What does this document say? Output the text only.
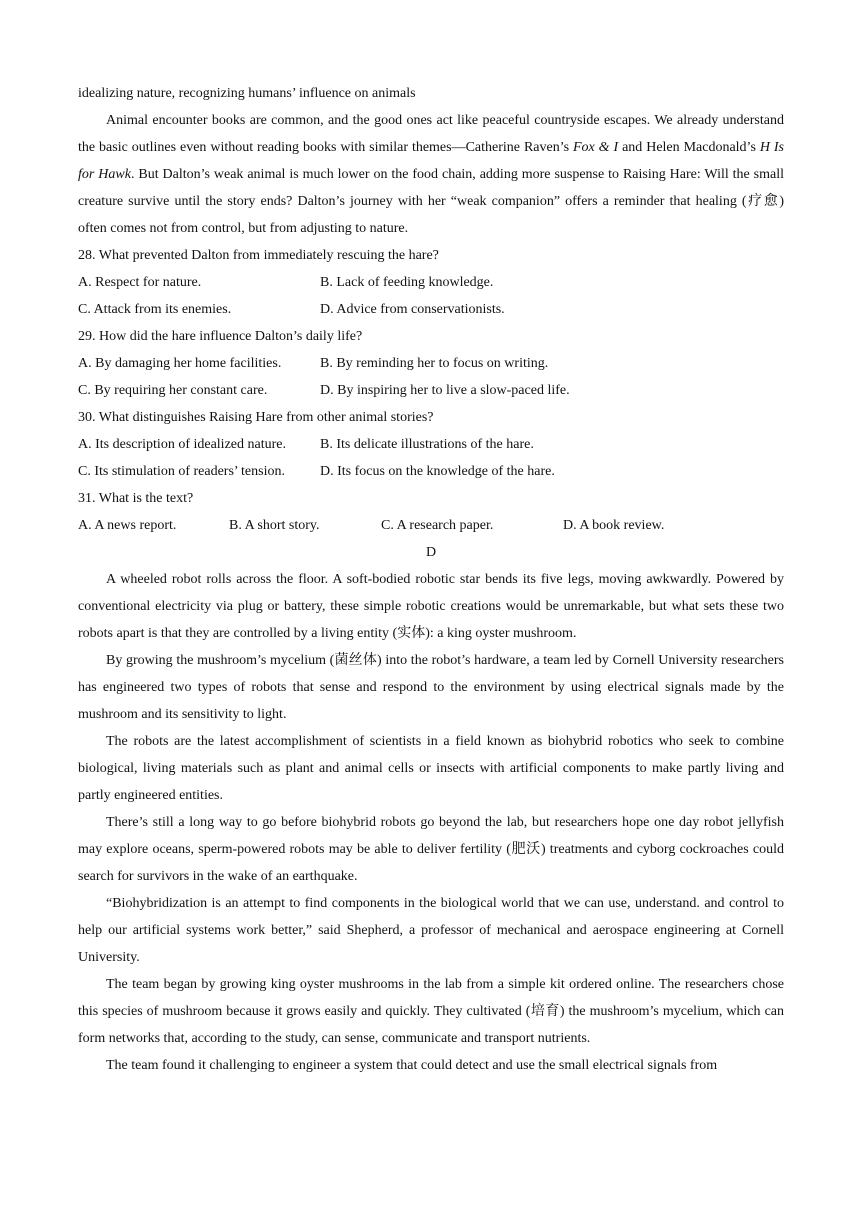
idealizing nature, recognizing humans’ influence on animals

Animal encounter books are common, and the good ones act like peaceful countryside escapes. We already understand the basic outlines even without reading books with similar themes—Catherine Raven’s Fox & I and Helen Macdonald’s H Is for Hawk. But Dalton’s weak animal is much lower on the food chain, adding more suspense to Raising Hare: Will the small creature survive until the story ends? Dalton’s journey with her “weak companion” offers a reminder that healing (疗愈) often comes not from control, but from adjusting to nature.

28. What prevented Dalton from immediately rescuing the hare?

A. Respect for nature.	B. Lack of feeding knowledge.
C. Attack from its enemies.	D. Advice from conservationists.

29. How did the hare influence Dalton’s daily life?

A. By damaging her home facilities.	B. By reminding her to focus on writing.
C. By requiring her constant care.	D. By inspiring her to live a slow-paced life.

30. What distinguishes Raising Hare from other animal stories?

A. Its description of idealized nature. B. Its delicate illustrations of the hare.
C. Its stimulation of readers’ tension.	D. Its focus on the knowledge of the hare.

31. What is the text?

A. A news report.	B. A short story.	C. A research paper.	D. A book review.

D

A wheeled robot rolls across the floor. A soft-bodied robotic star bends its five legs, moving awkwardly. Powered by conventional electricity via plug or battery, these simple robotic creations would be unremarkable, but what sets these two robots apart is that they are controlled by a living entity (实体): a king oyster mushroom.

By growing the mushroom’s mycelium (菌丝体) into the robot’s hardware, a team led by Cornell University researchers has engineered two types of robots that sense and respond to the environment by using electrical signals made by the mushroom and its sensitivity to light.

The robots are the latest accomplishment of scientists in a field known as biohybrid robotics who seek to combine biological, living materials such as plant and animal cells or insects with artificial components to make partly living and partly engineered entities.

There’s still a long way to go before biohybrid robots go beyond the lab, but researchers hope one day robot jellyfish may explore oceans, sperm-powered robots may be able to deliver fertility (肥沃) treatments and cyborg cockroaches could search for survivors in the wake of an earthquake.

“Biohybridization is an attempt to find components in the biological world that we can use, understand. and control to help our artificial systems work better,” said Shepherd, a professor of mechanical and aerospace engineering at Cornell University.

The team began by growing king oyster mushrooms in the lab from a simple kit ordered online. The researchers chose this species of mushroom because it grows easily and quickly. They cultivated (培育) the mushroom’s mycelium, which can form networks that, according to the study, can sense, communicate and transport nutrients.

The team found it challenging to engineer a system that could detect and use the small electrical signals from
